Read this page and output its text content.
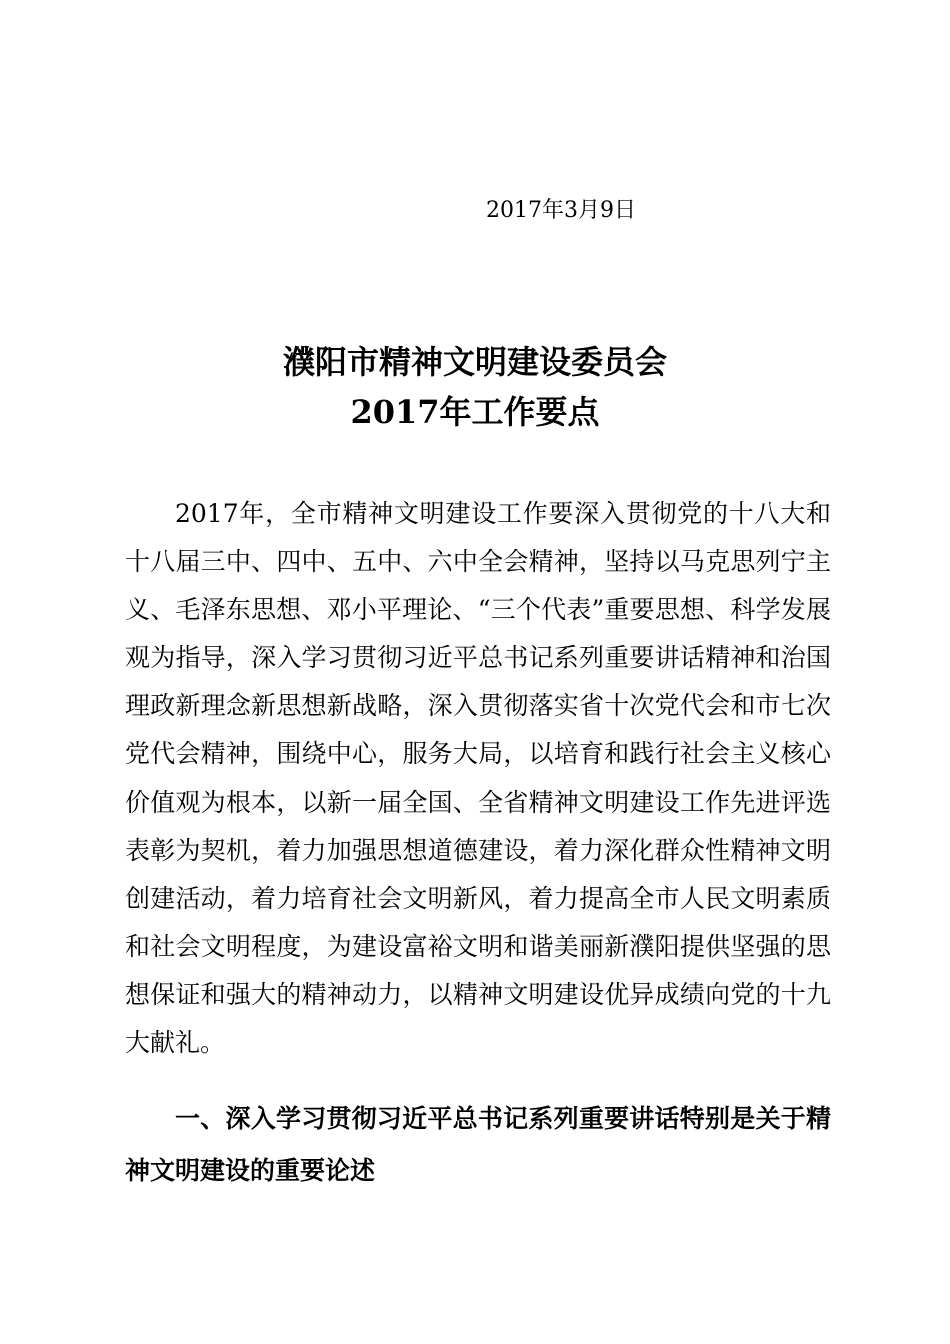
2017年3月9日
濮阳市精神文明建设委员会
2017年工作要点

2017年，全市精神文明建设工作要深入贯彻党的十八大和十八届三中、四中、五中、六中全会精神，坚持以马克思列宁主义、毛泽东思想、邓小平理论、“三个代表”重要思想、科学发展观为指导，深入学习贯彻习近平总书记系列重要讲话精神和治国理政新理念新思想新战略，深入贯彻落实省十次党代会和市七次党代会精神，围绕中心，服务大局，以培育和践行社会主义核心价值观为根本，以新一届全国、全省精神文明建设工作先进评选表彰为契机，着力加强思想道德建设，着力深化群众性精神文明创建活动，着力培育社会文明新风，着力提高全市人民文明素质和社会文明程度，为建设富裕文明和谐美丽新濮阳提供坚强的思想保证和强大的精神动力，以精神文明建设优异成绩向党的十九大献礼。

一、深入学习贯彻习近平总书记系列重要讲话特别是关于精神文明建设的重要论述
